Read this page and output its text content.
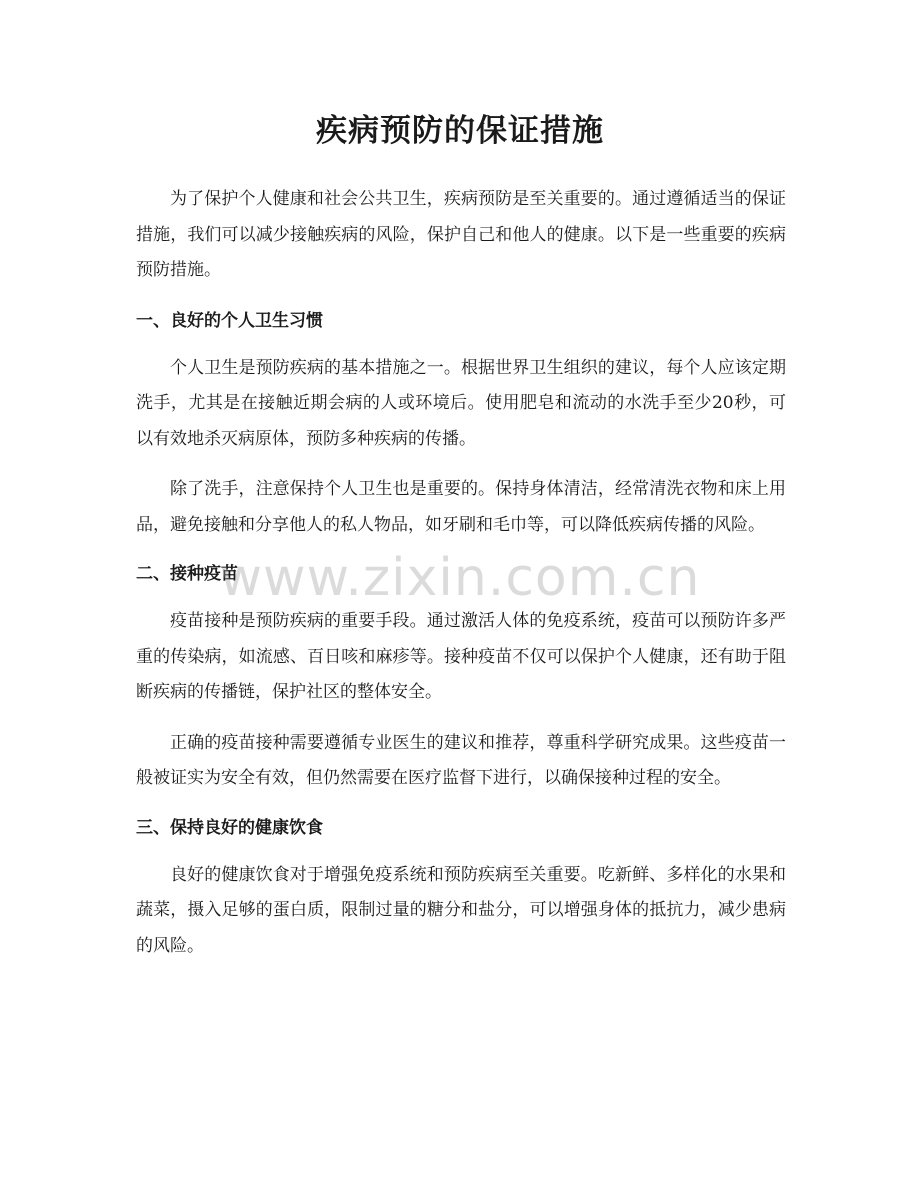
疾病预防的保证措施

为了保护个人健康和社会公共卫生，疾病预防是至关重要的。通过遵循适当的保证措施，我们可以减少接触疾病的风险，保护自己和他人的健康。以下是一些重要的疾病预防措施。

一、良好的个人卫生习惯

个人卫生是预防疾病的基本措施之一。根据世界卫生组织的建议，每个人应该定期洗手，尤其是在接触近期会病的人或环境后。使用肥皂和流动的水洗手至少20秒，可以有效地杀灭病原体，预防多种疾病的传播。

除了洗手，注意保持个人卫生也是重要的。保持身体清洁，经常清洗衣物和床上用品，避免接触和分享他人的私人物品，如牙刷和毛巾等，可以降低疾病传播的风险。

二、接种疫苗

疫苗接种是预防疾病的重要手段。通过激活人体的免疫系统，疫苗可以预防许多严重的传染病，如流感、百日咳和麻疹等。接种疫苗不仅可以保护个人健康，还有助于阻断疾病的传播链，保护社区的整体安全。

正确的疫苗接种需要遵循专业医生的建议和推荐，尊重科学研究成果。这些疫苗一般被证实为安全有效，但仍然需要在医疗监督下进行，以确保接种过程的安全。

三、保持良好的健康饮食

良好的健康饮食对于增强免疫系统和预防疾病至关重要。吃新鲜、多样化的水果和蔬菜，摄入足够的蛋白质，限制过量的糖分和盐分，可以增强身体的抵抗力，减少患病的风险。

www.zixin.com.cn
